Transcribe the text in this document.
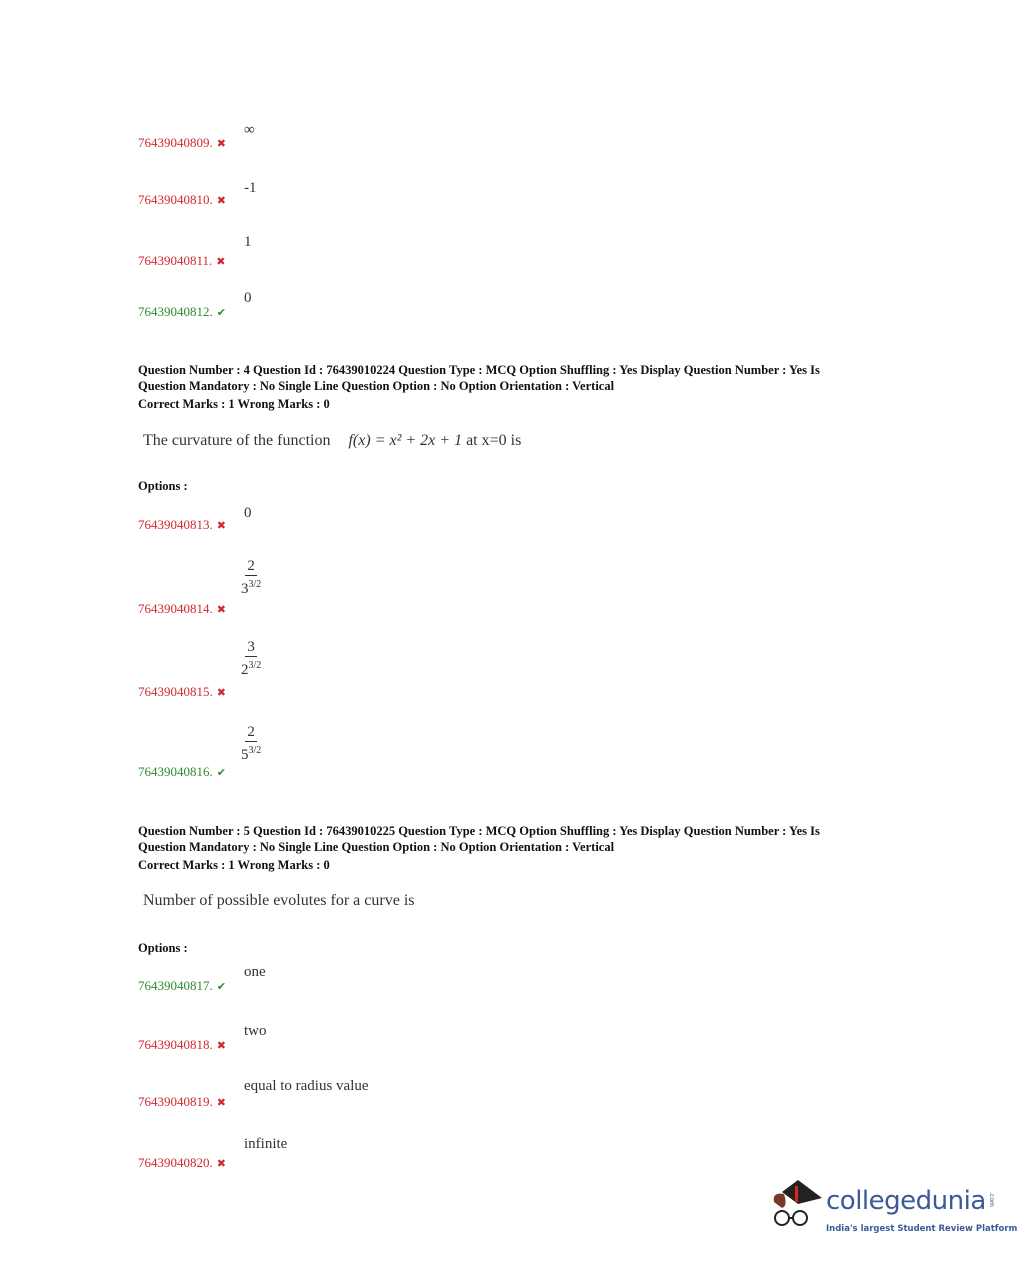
76439040809. ✖
∞
76439040810. ✖
-1
76439040811. ✖
1
76439040812. ✔
0
76439040813. ✖
0
76439040814. ✖
$\frac{2}{3^{3/2}}$
76439040815. ✖
$\frac{3}{2^{3/2}}$
76439040816. ✔
$\frac{2}{5^{3/2}}$
76439040817. ✔
one
76439040818. ✖
two
76439040819. ✖
equal to radius value
76439040820. ✖
infinite
Question Number : 4 Question Id : 76439010224 Question Type : MCQ Option Shuffling : Yes Display Question Number : Yes Is
Question Mandatory : No Single Line Question Option : No Option Orientation : Vertical
Correct Marks : 1 Wrong Marks : 0
The curvature of the function f(x) = x² + 2x + 1 at x=0 is
Options :
Question Number : 5 Question Id : 76439010225 Question Type : MCQ Option Shuffling : Yes Display Question Number : Yes Is
Question Mandatory : No Single Line Question Option : No Option Orientation : Vertical
Correct Marks : 1 Wrong Marks : 0
Number of possible evolutes for a curve is
Options :
collegedunia .com
India's largest Student Review Platform
